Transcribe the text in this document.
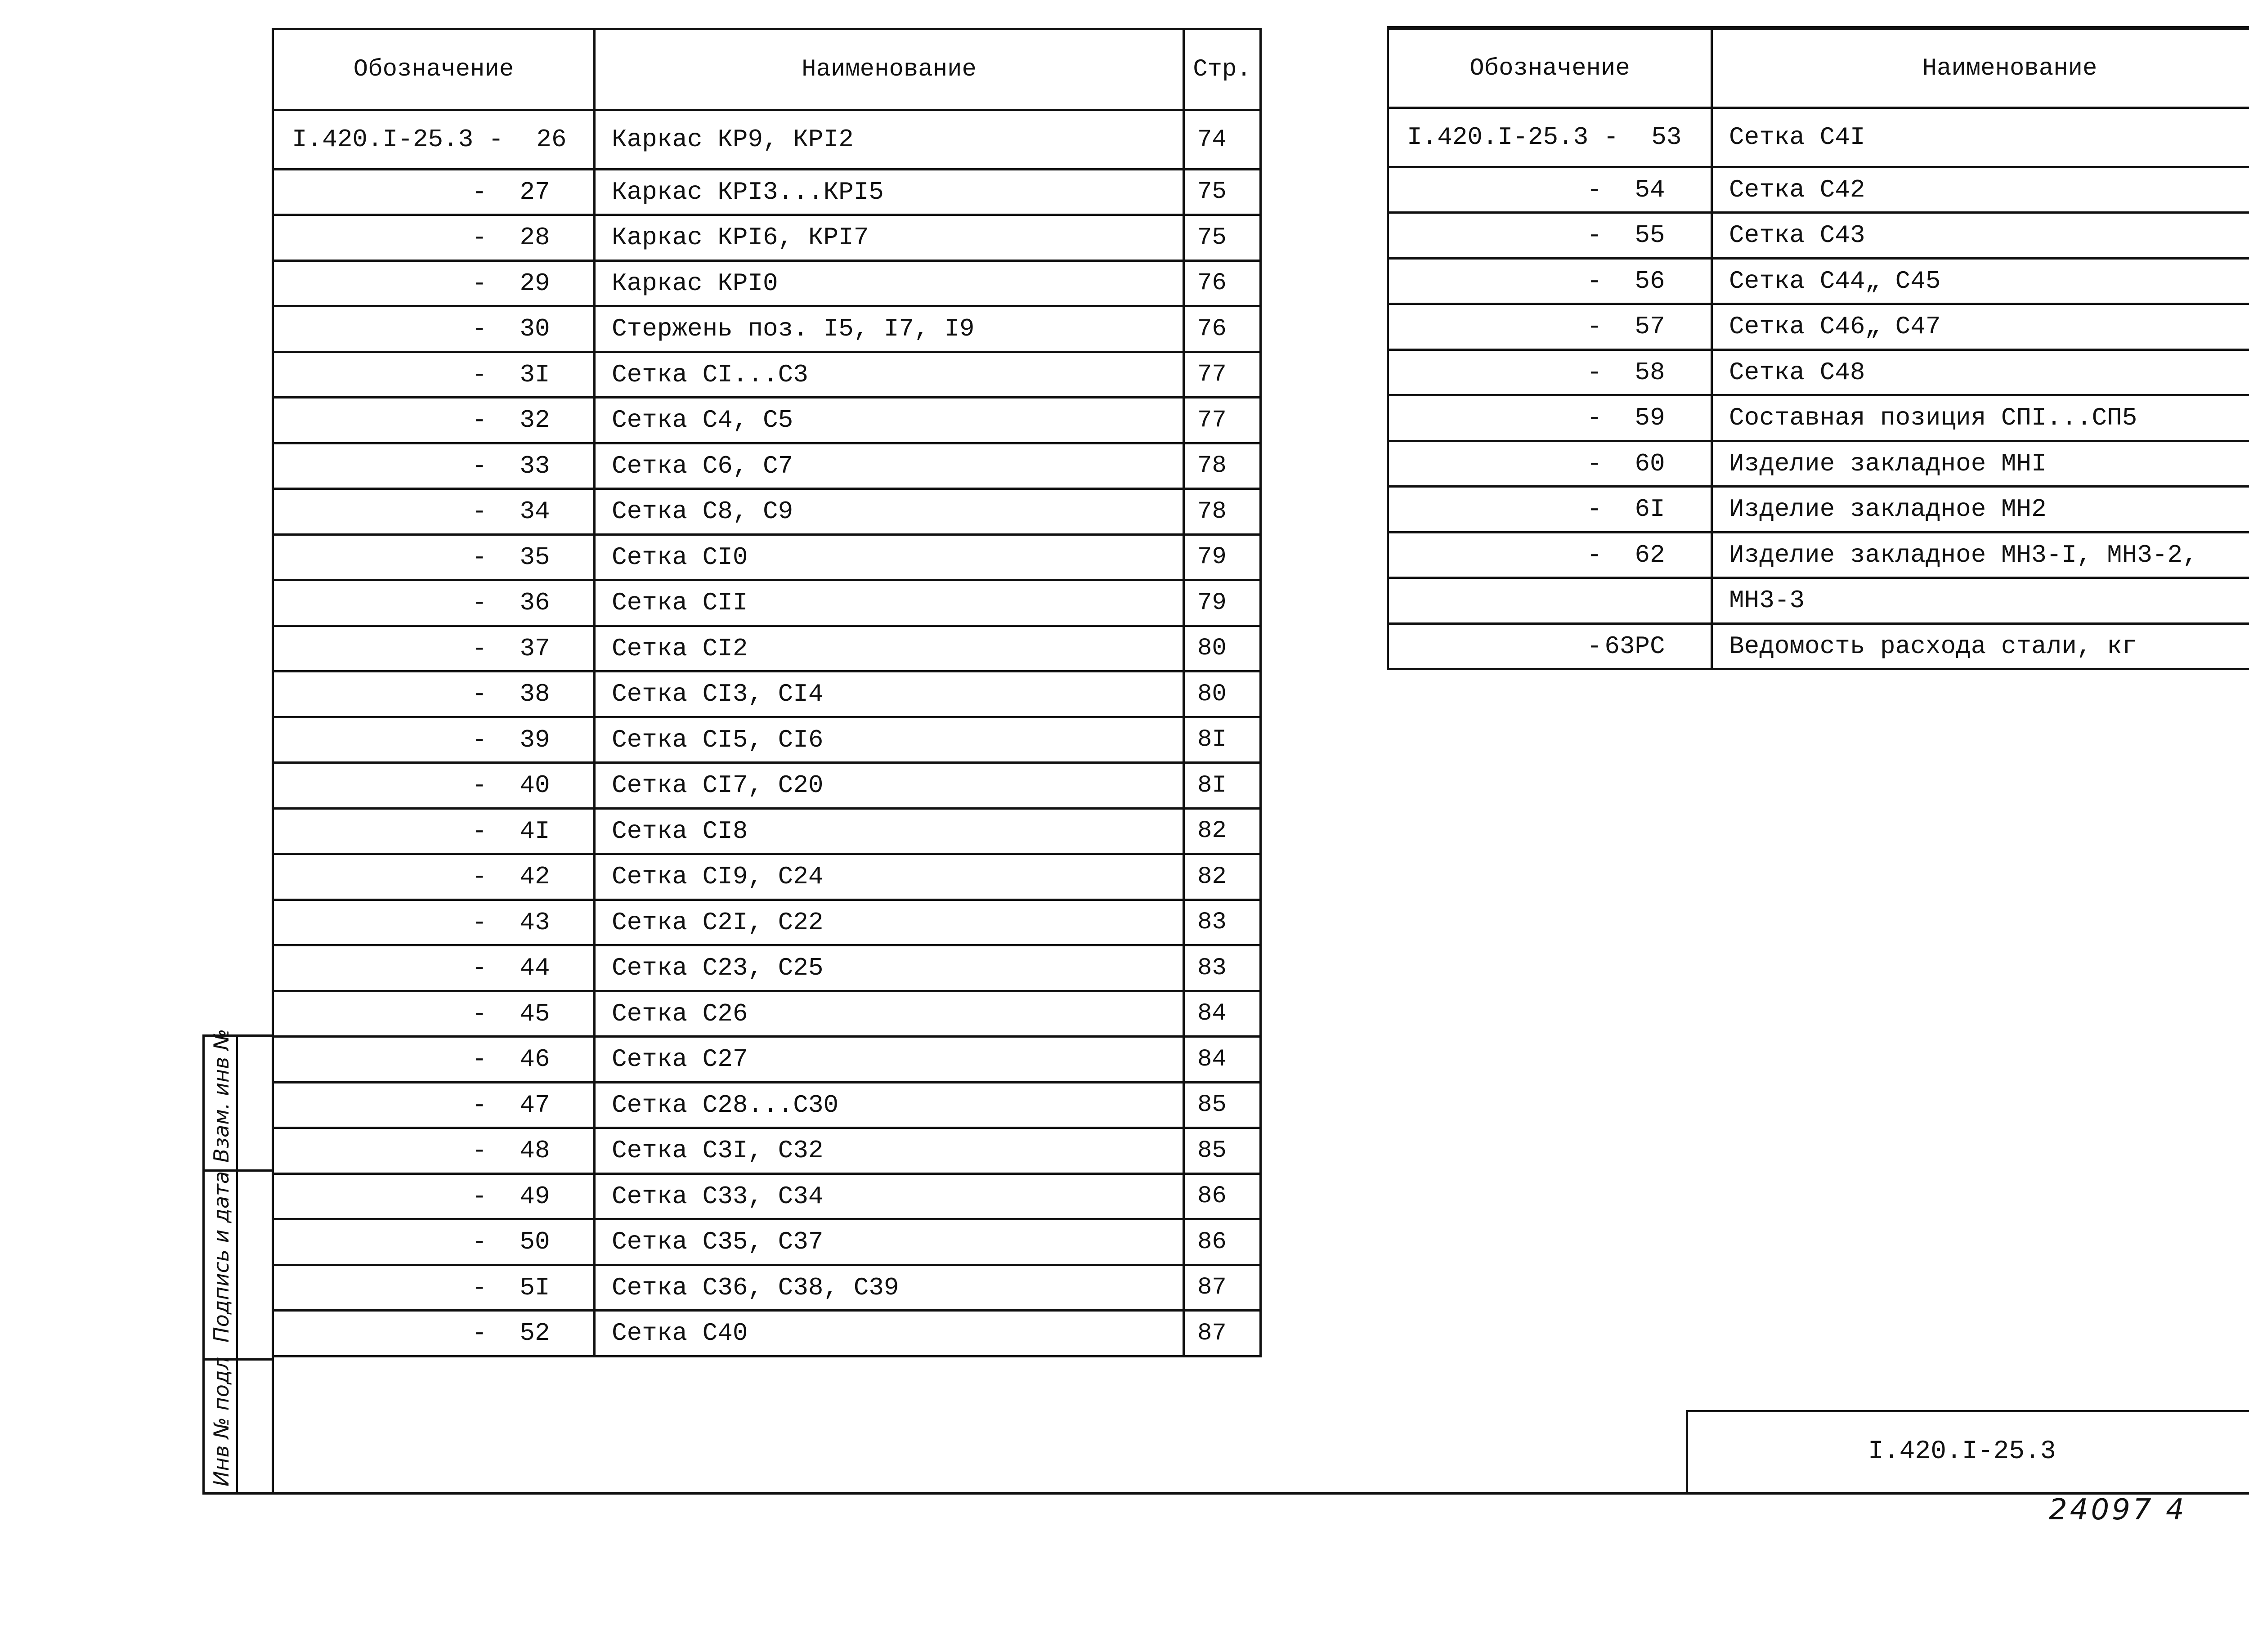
Инв № подл
Подпись и дата
Взам. инв №
Обозначение	Наименование	Стр.
I.420.I-25.3 - 26	Каркас КР9, КРI2	74
- 27	Каркас КРI3...КРI5	75
- 28	Каркас КРI6, КРI7	75
- 29	Каркас КРI0	76
- 30	Стержень поз. I5, I7, I9	76
- 3I	Сетка СI...С3	77
- 32	Сетка С4, С5	77
- 33	Сетка С6, С7	78
- 34	Сетка С8, С9	78
- 35	Сетка СI0	79
- 36	Сетка СII	79
- 37	Сетка СI2	80
- 38	Сетка СI3, СI4	80
- 39	Сетка СI5, СI6	8I
- 40	Сетка СI7, С20	8I
- 4I	Сетка СI8	82
- 42	Сетка СI9, С24	82
- 43	Сетка С2I, С22	83
- 44	Сетка С23, С25	83
- 45	Сетка С26	84
- 46	Сетка С27	84
- 47	Сетка С28...С30	85
- 48	Сетка С3I, С32	85
- 49	Сетка С33, С34	86
- 50	Сетка С35, С37	86
- 5I	Сетка С36, С38, С39	87
- 52	Сетка С40	87
Обозначение	Наименование	
I.420.I-25.3 - 53	Сетка С4I	
- 54	Сетка С42	
- 55	Сетка С43	
- 56	Сетка С44„ С45	
- 57	Сетка С46„ С47	
- 58	Сетка С48	
- 59	Составная позиция СПI...СП5	
- 60	Изделие закладное МНI	
- 6I	Изделие закладное МН2	
- 62	Изделие закладное МН3-I, МН3-2,	
	МН3-3	
-63РС	Ведомость расхода стали, кг	
I.420.I-25.3
24097 4
